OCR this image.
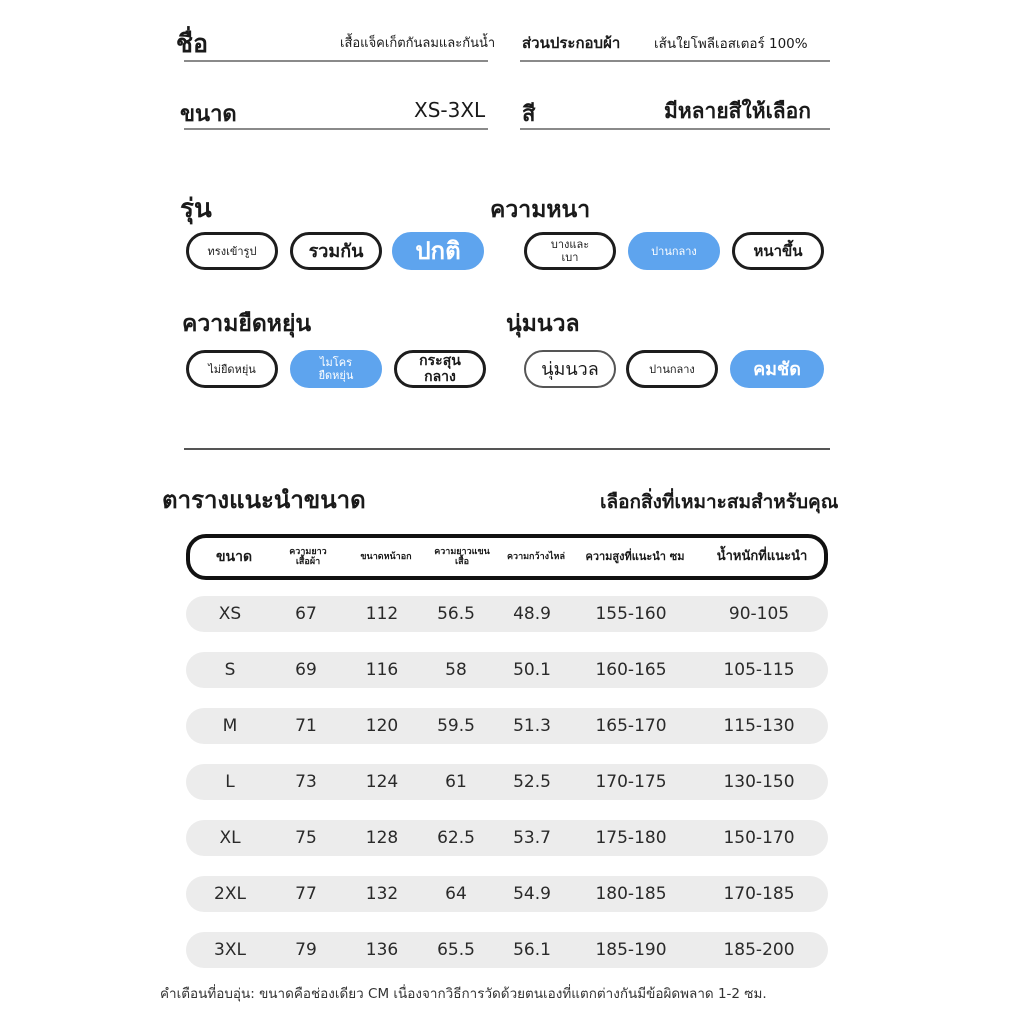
ชื่อ	เสื้อแจ็คเก็ตกันลมและกันน้ำ ส่วนประกอบผ้า เส้นใยโพลีเอสเตอร์ 100%
ขนาด	XS-3XL สี	มีหลายสีให้เลือก
รุ่น
ทรงเข้ารูป	รวมกัน	ปกติ
ความหนา
บางและเบา	ปานกลาง	หนาขึ้น
ความยืดหยุ่น
ไม่ยืดหยุ่น	ไมโครยืดหยุ่น
กระสุนกลาง
นุ่มนวล
นุ่มนวล	ปานกลาง	คมชัด
ตารางแนะนำขนาด	เลือกสิ่งที่เหมาะสมสำหรับคุณ
ขนาด	ความยาวเสื้อผ้า	ขนาดหน้าอก	ความยาวแขนเสื้อ	ความกว้างไหล่	ความสูงที่แนะนำ ซม	น้ำหนักที่แนะนำ
XS	67	112	56.5	48.9	155-160	90-105
S	69	116	58	50.1	160-165	105-115
M	71	120	59.5	51.3	165-170	115-130
L	73	124	61	52.5	170-175	130-150
XL	75	128	62.5	53.7	175-180	150-170
2XL	77	132	64	54.9	180-185	170-185
3XL	79	136	65.5	56.1	185-190	185-200
คำเตือนที่อบอุ่น: ขนาดคือช่องเดียว CM เนื่องจากวิธีการวัดด้วยตนเองที่แตกต่างกันมีข้อผิดพลาด 1-2 ซม.
